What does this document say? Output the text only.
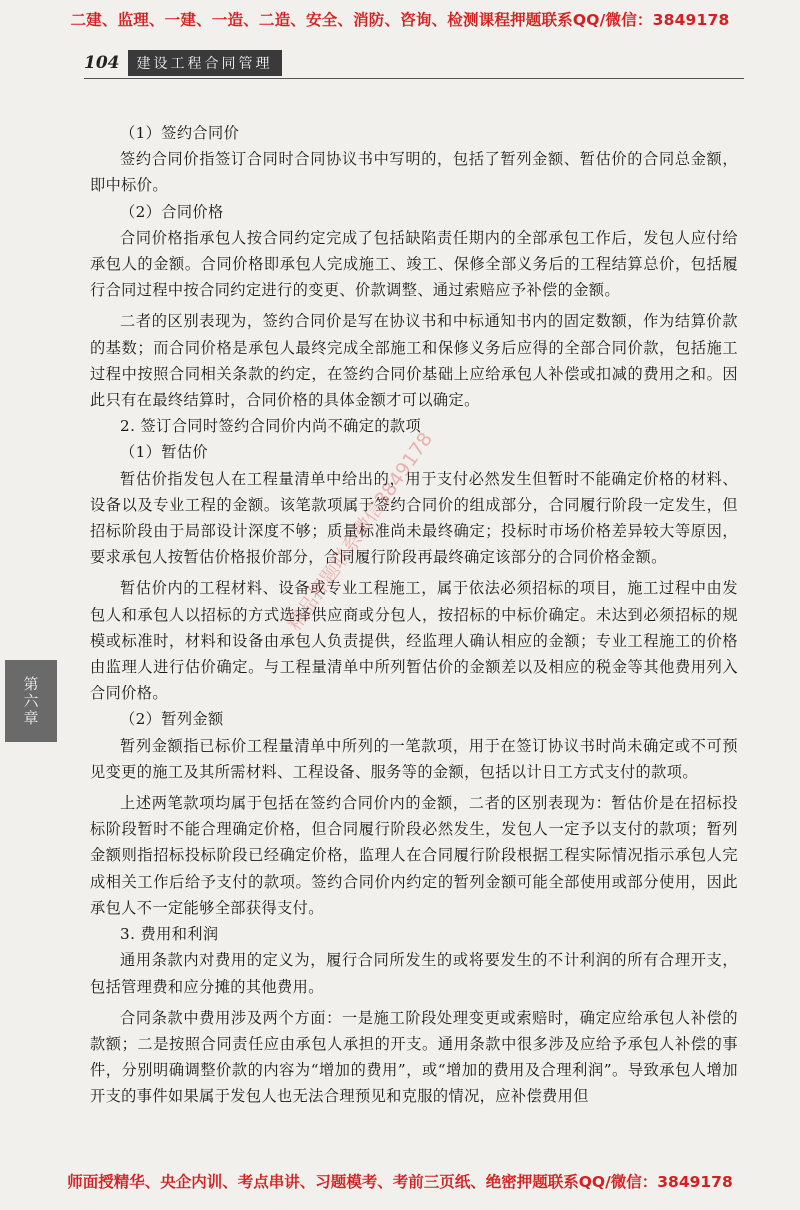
二建、监理、一建、一造、二造、安全、消防、咨询、检测课程押题联系QQ/微信：3849178
104	建设工程合同管理

（1）签约合同价

签约合同价指签订合同时合同协议书中写明的，包括了暂列金额、暂估价的合同总金额，即中标价。

（2）合同价格

合同价格指承包人按合同约定完成了包括缺陷责任期内的全部承包工作后，发包人应付给承包人的金额。合同价格即承包人完成施工、竣工、保修全部义务后的工程结算总价，包括履行合同过程中按合同约定进行的变更、价款调整、通过索赔应予补偿的金额。

二者的区别表现为，签约合同价是写在协议书和中标通知书内的固定数额，作为结算价款的基数；而合同价格是承包人最终完成全部施工和保修义务后应得的全部合同价款，包括施工过程中按照合同相关条款的约定，在签约合同价基础上应给承包人补偿或扣减的费用之和。因此只有在最终结算时，合同价格的具体金额才可以确定。

2. 签订合同时签约合同价内尚不确定的款项

（1）暂估价

暂估价指发包人在工程量清单中给出的，用于支付必然发生但暂时不能确定价格的材料、设备以及专业工程的金额。该笔款项属于签约合同价的组成部分，合同履行阶段一定发生，但招标阶段由于局部设计深度不够；质量标准尚未最终确定；投标时市场价格差异较大等原因，要求承包人按暂估价格报价部分，合同履行阶段再最终确定该部分的合同价格金额。

暂估价内的工程材料、设备或专业工程施工，属于依法必须招标的项目，施工过程中由发包人和承包人以招标的方式选择供应商或分包人，按招标的中标价确定。未达到必须招标的规模或标准时，材料和设备由承包人负责提供，经监理人确认相应的金额；专业工程施工的价格由监理人进行估价确定。与工程量清单中所列暂估价的金额差以及相应的税金等其他费用列入合同价格。

（2）暂列金额

暂列金额指已标价工程量清单中所列的一笔款项，用于在签订协议书时尚未确定或不可预见变更的施工及其所需材料、工程设备、服务等的金额，包括以计日工方式支付的款项。

上述两笔款项均属于包括在签约合同价内的金额，二者的区别表现为：暂估价是在招标投标阶段暂时不能合理确定价格，但合同履行阶段必然发生，发包人一定予以支付的款项；暂列金额则指招标投标阶段已经确定价格，监理人在合同履行阶段根据工程实际情况指示承包人完成相关工作后给予支付的款项。签约合同价内约定的暂列金额可能全部使用或部分使用，因此承包人不一定能够全部获得支付。

3. 费用和利润

通用条款内对费用的定义为，履行合同所发生的或将要发生的不计利润的所有合理开支，包括管理费和应分摊的其他费用。

合同条款中费用涉及两个方面：一是施工阶段处理变更或索赔时，确定应给承包人补偿的款额；二是按照合同责任应由承包人承担的开支。通用条款中很多涉及应给予承包人补偿的事件，分别明确调整价款的内容为“增加的费用”，或“增加的费用及合理利润”。导致承包人增加开支的事件如果属于发包人也无法合理预见和克服的情况，应补偿费用但

第六章
精品押题联系微信3849178
师面授精华、央企内训、考点串讲、习题模考、考前三页纸、绝密押题联系QQ/微信：3849178
